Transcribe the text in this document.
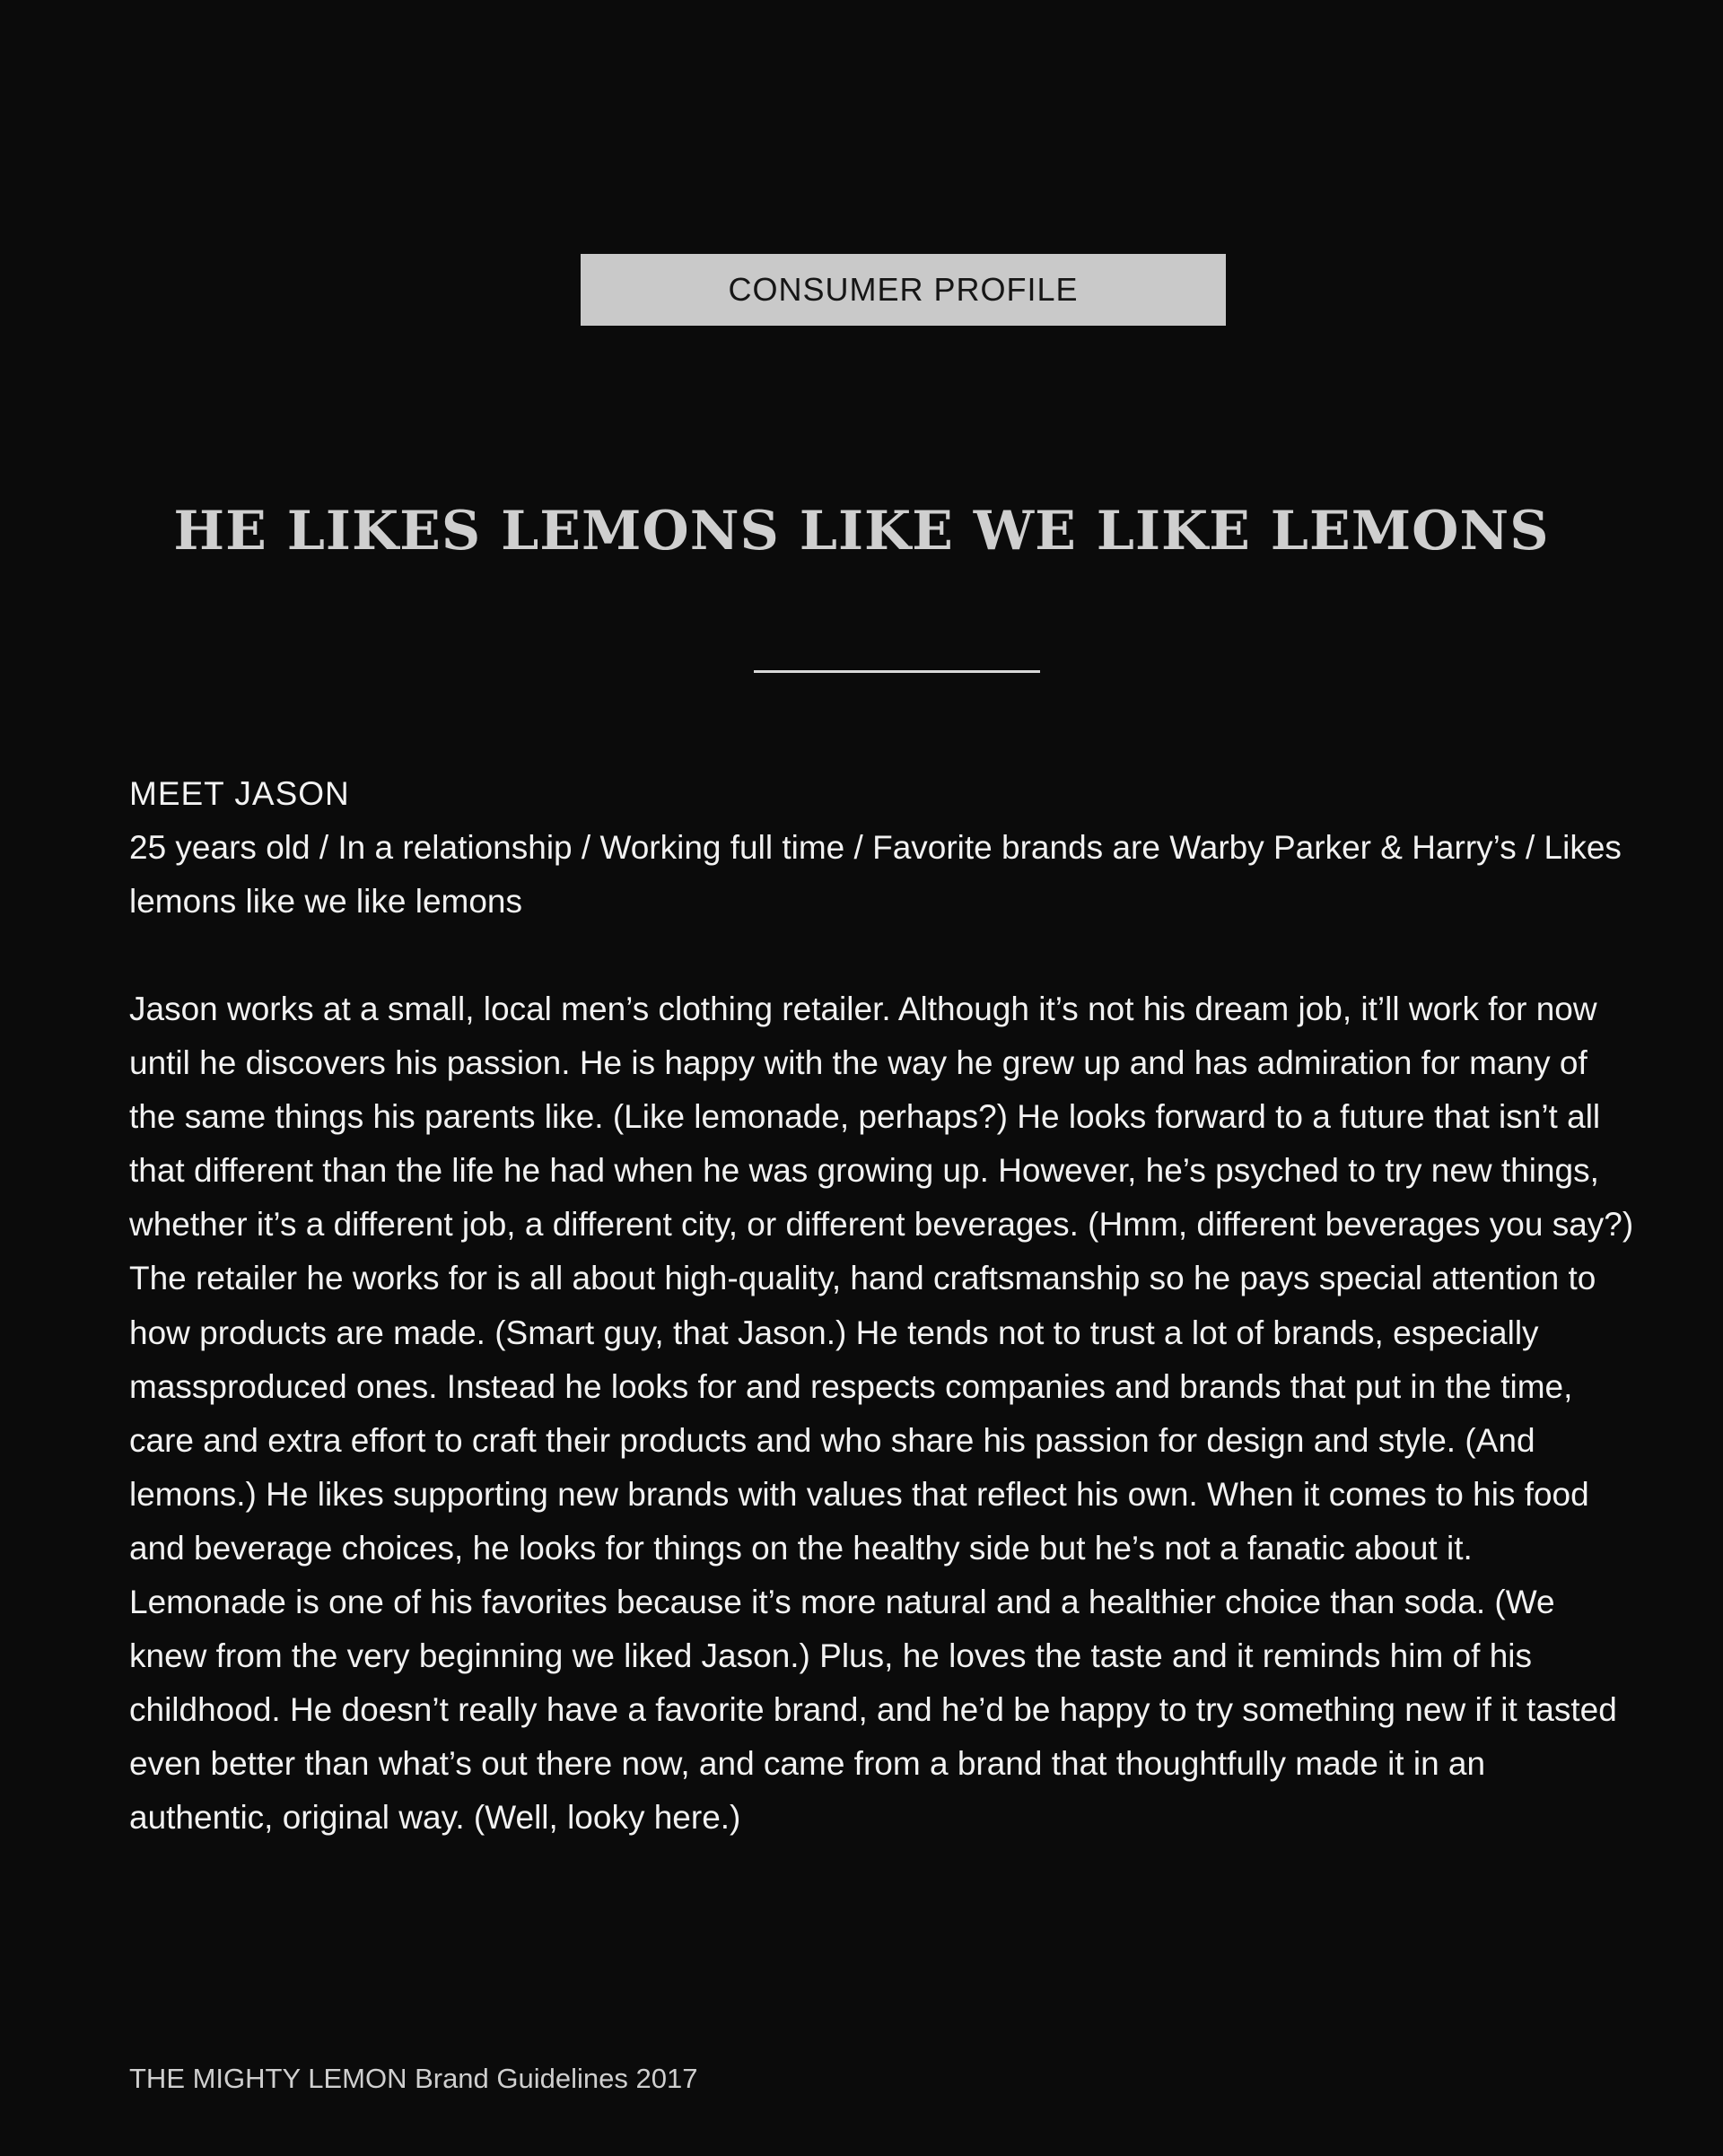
CONSUMER PROFILE
HE LIKES LEMONS LIKE WE LIKE LEMONS

MEET JASON

25 years old / In a relationship / Working full time / Favorite brands are Warby Parker & Harry’s / Likes lemons like we like lemons

Jason works at a small, local men’s clothing retailer. Although it’s not his dream job, it’ll work for now until he discovers his passion. He is happy with the way he grew up and has admiration for many of the same things his parents like. (Like lemonade, perhaps?) He looks forward to a future that isn’t all that different than the life he had when he was growing up. However, he’s psyched to try new things, whether it’s a different job, a different city, or different beverages. (Hmm, different beverages you say?) The retailer he works for is all about high-quality, hand craftsmanship so he pays special attention to how products are made. (Smart guy, that Jason.) He tends not to trust a lot of brands, especially massproduced ones. Instead he looks for and respects companies and brands that put in the time, care and extra effort to craft their products and who share his passion for design and style. (And lemons.) He likes supporting new brands with values that reflect his own. When it comes to his food and beverage choices, he looks for things on the healthy side but he’s not a fanatic about it. Lemonade is one of his favorites because it’s more natural and a healthier choice than soda. (We knew from the very beginning we liked Jason.) Plus, he loves the taste and it reminds him of his childhood. He doesn’t really have a favorite brand, and he’d be happy to try something new if it tasted even better than what’s out there now, and came from a brand that thoughtfully made it in an authentic, original way. (Well, looky here.)

THE MIGHTY LEMON Brand Guidelines 2017
